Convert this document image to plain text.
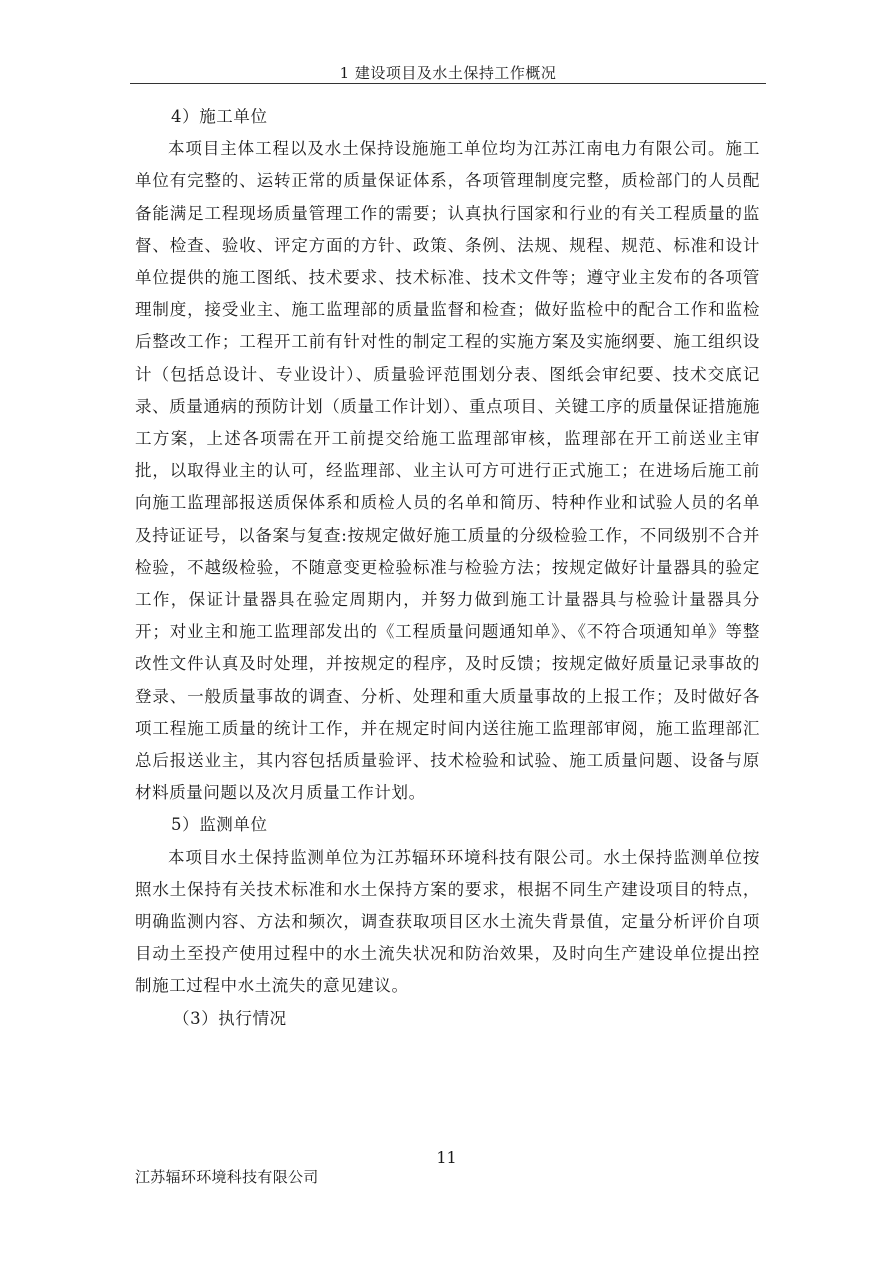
1 建设项目及水土保持工作概况

4）施工单位

本项目主体工程以及水土保持设施施工单位均为江苏江南电力有限公司。施工单位有完整的、运转正常的质量保证体系，各项管理制度完整，质检部门的人员配备能满足工程现场质量管理工作的需要；认真执行国家和行业的有关工程质量的监督、检查、验收、评定方面的方针、政策、条例、法规、规程、规范、标准和设计单位提供的施工图纸、技术要求、技术标准、技术文件等；遵守业主发布的各项管理制度，接受业主、施工监理部的质量监督和检查；做好监检中的配合工作和监检后整改工作；工程开工前有针对性的制定工程的实施方案及实施纲要、施工组织设计（包括总设计、专业设计）、质量验评范围划分表、图纸会审纪要、技术交底记录、质量通病的预防计划（质量工作计划）、重点项目、关键工序的质量保证措施施工方案，上述各项需在开工前提交给施工监理部审核，监理部在开工前送业主审批，以取得业主的认可，经监理部、业主认可方可进行正式施工；在进场后施工前向施工监理部报送质保体系和质检人员的名单和简历、特种作业和试验人员的名单及持证证号，以备案与复查:按规定做好施工质量的分级检验工作，不同级别不合并检验，不越级检验，不随意变更检验标准与检验方法；按规定做好计量器具的验定工作，保证计量器具在验定周期内，并努力做到施工计量器具与检验计量器具分开；对业主和施工监理部发出的《工程质量问题通知单》、《不符合项通知单》等整改性文件认真及时处理，并按规定的程序，及时反馈；按规定做好质量记录事故的登录、一般质量事故的调查、分析、处理和重大质量事故的上报工作；及时做好各项工程施工质量的统计工作，并在规定时间内送往施工监理部审阅，施工监理部汇总后报送业主，其内容包括质量验评、技术检验和试验、施工质量问题、设备与原材料质量问题以及次月质量工作计划。

5）监测单位

本项目水土保持监测单位为江苏辐环环境科技有限公司。水土保持监测单位按照水土保持有关技术标准和水土保持方案的要求，根据不同生产建设项目的特点，明确监测内容、方法和频次，调查获取项目区水土流失背景值，定量分析评价自项目动土至投产使用过程中的水土流失状况和防治效果，及时向生产建设单位提出控制施工过程中水土流失的意见建议。

（3）执行情况

11
江苏辐环环境科技有限公司
